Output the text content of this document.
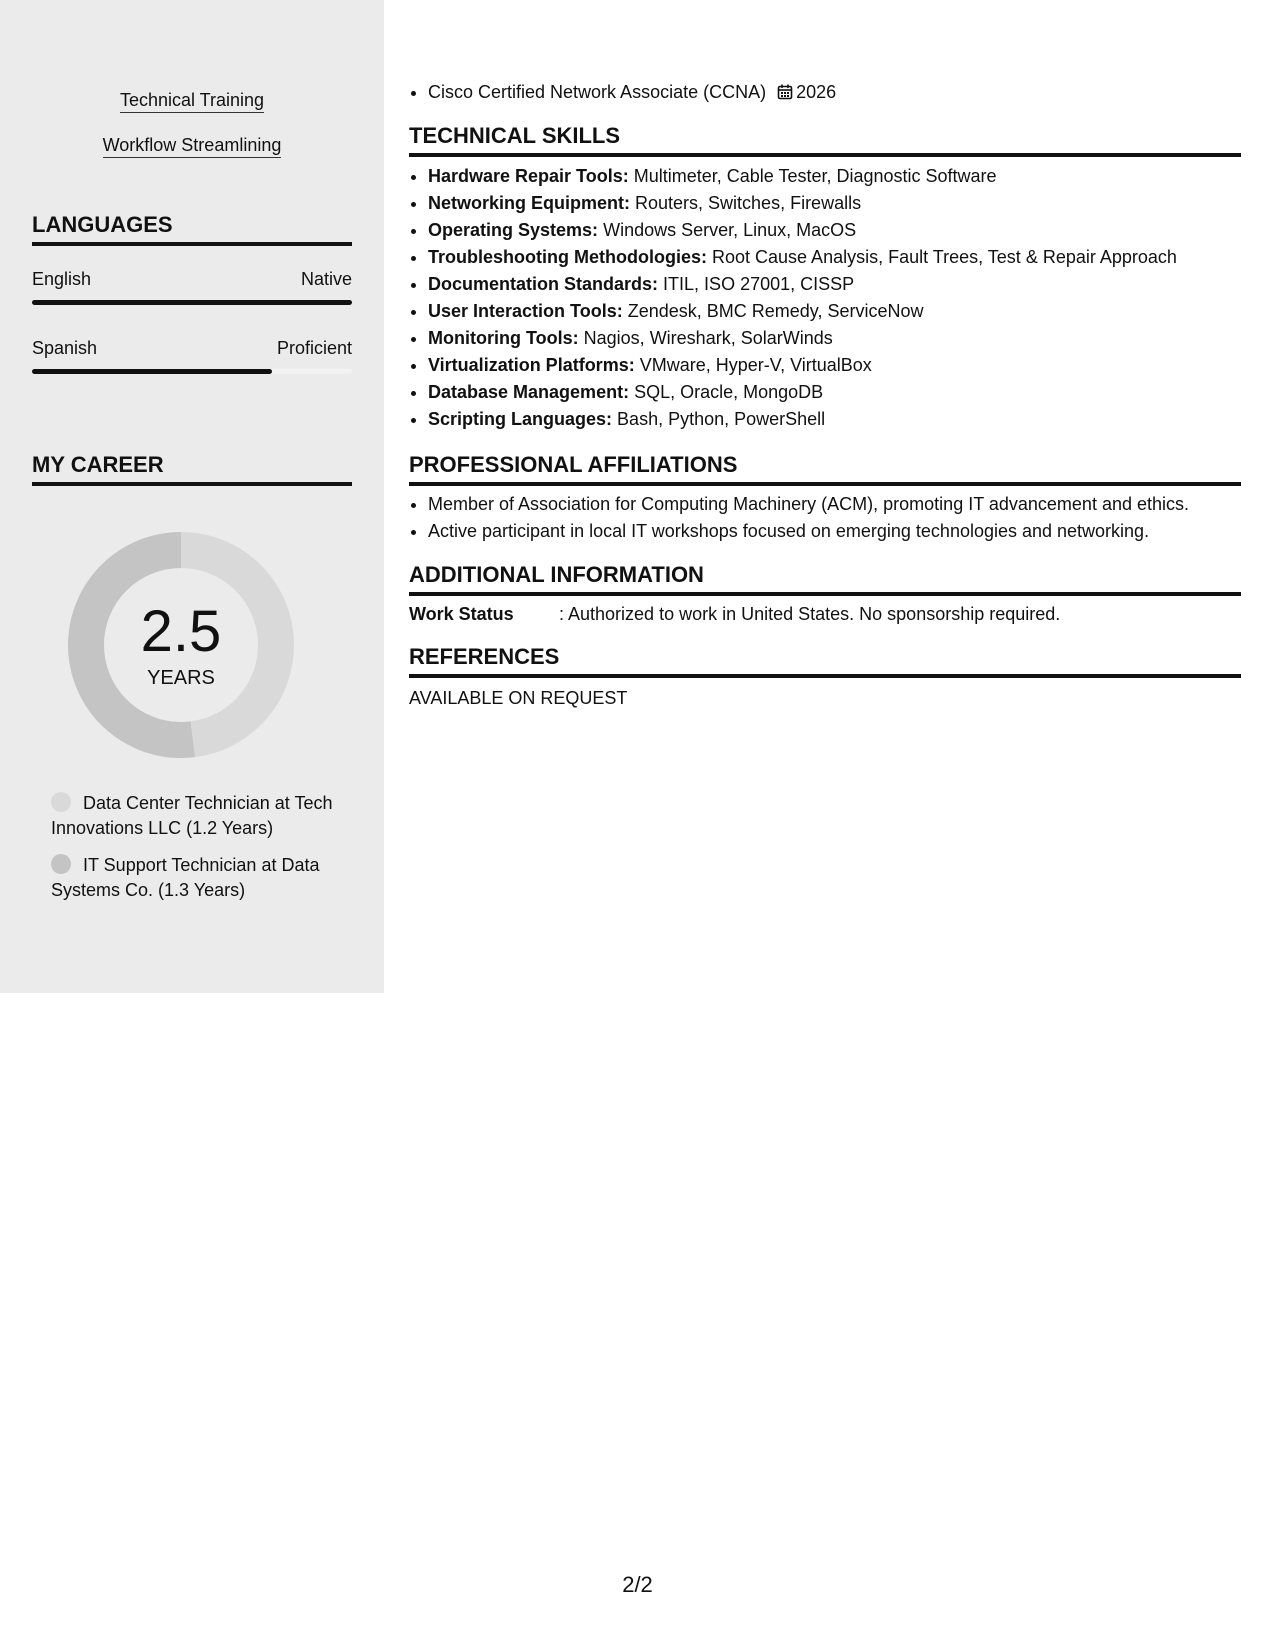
Technical Training
Workflow Streamlining
LANGUAGES
English	Native
Spanish	Proficient
MY CAREER
2.5
YEARS
Data Center Technician at Tech Innovations LLC (1.2 Years)
IT Support Technician at Data Systems Co. (1.3 Years)
• Cisco Certified Network Associate (CCNA) 2026
TECHNICAL SKILLS
• Hardware Repair Tools: Multimeter, Cable Tester, Diagnostic Software
• Networking Equipment: Routers, Switches, Firewalls
• Operating Systems: Windows Server, Linux, MacOS
• Troubleshooting Methodologies: Root Cause Analysis, Fault Trees, Test & Repair Approach
• Documentation Standards: ITIL, ISO 27001, CISSP
• User Interaction Tools: Zendesk, BMC Remedy, ServiceNow
• Monitoring Tools: Nagios, Wireshark, SolarWinds
• Virtualization Platforms: VMware, Hyper-V, VirtualBox
• Database Management: SQL, Oracle, MongoDB
• Scripting Languages: Bash, Python, PowerShell
PROFESSIONAL AFFILIATIONS
• Member of Association for Computing Machinery (ACM), promoting IT advancement and ethics.
• Active participant in local IT workshops focused on emerging technologies and networking.
ADDITIONAL INFORMATION
Work Status	: Authorized to work in United States. No sponsorship required.
REFERENCES
AVAILABLE ON REQUEST
2/2
